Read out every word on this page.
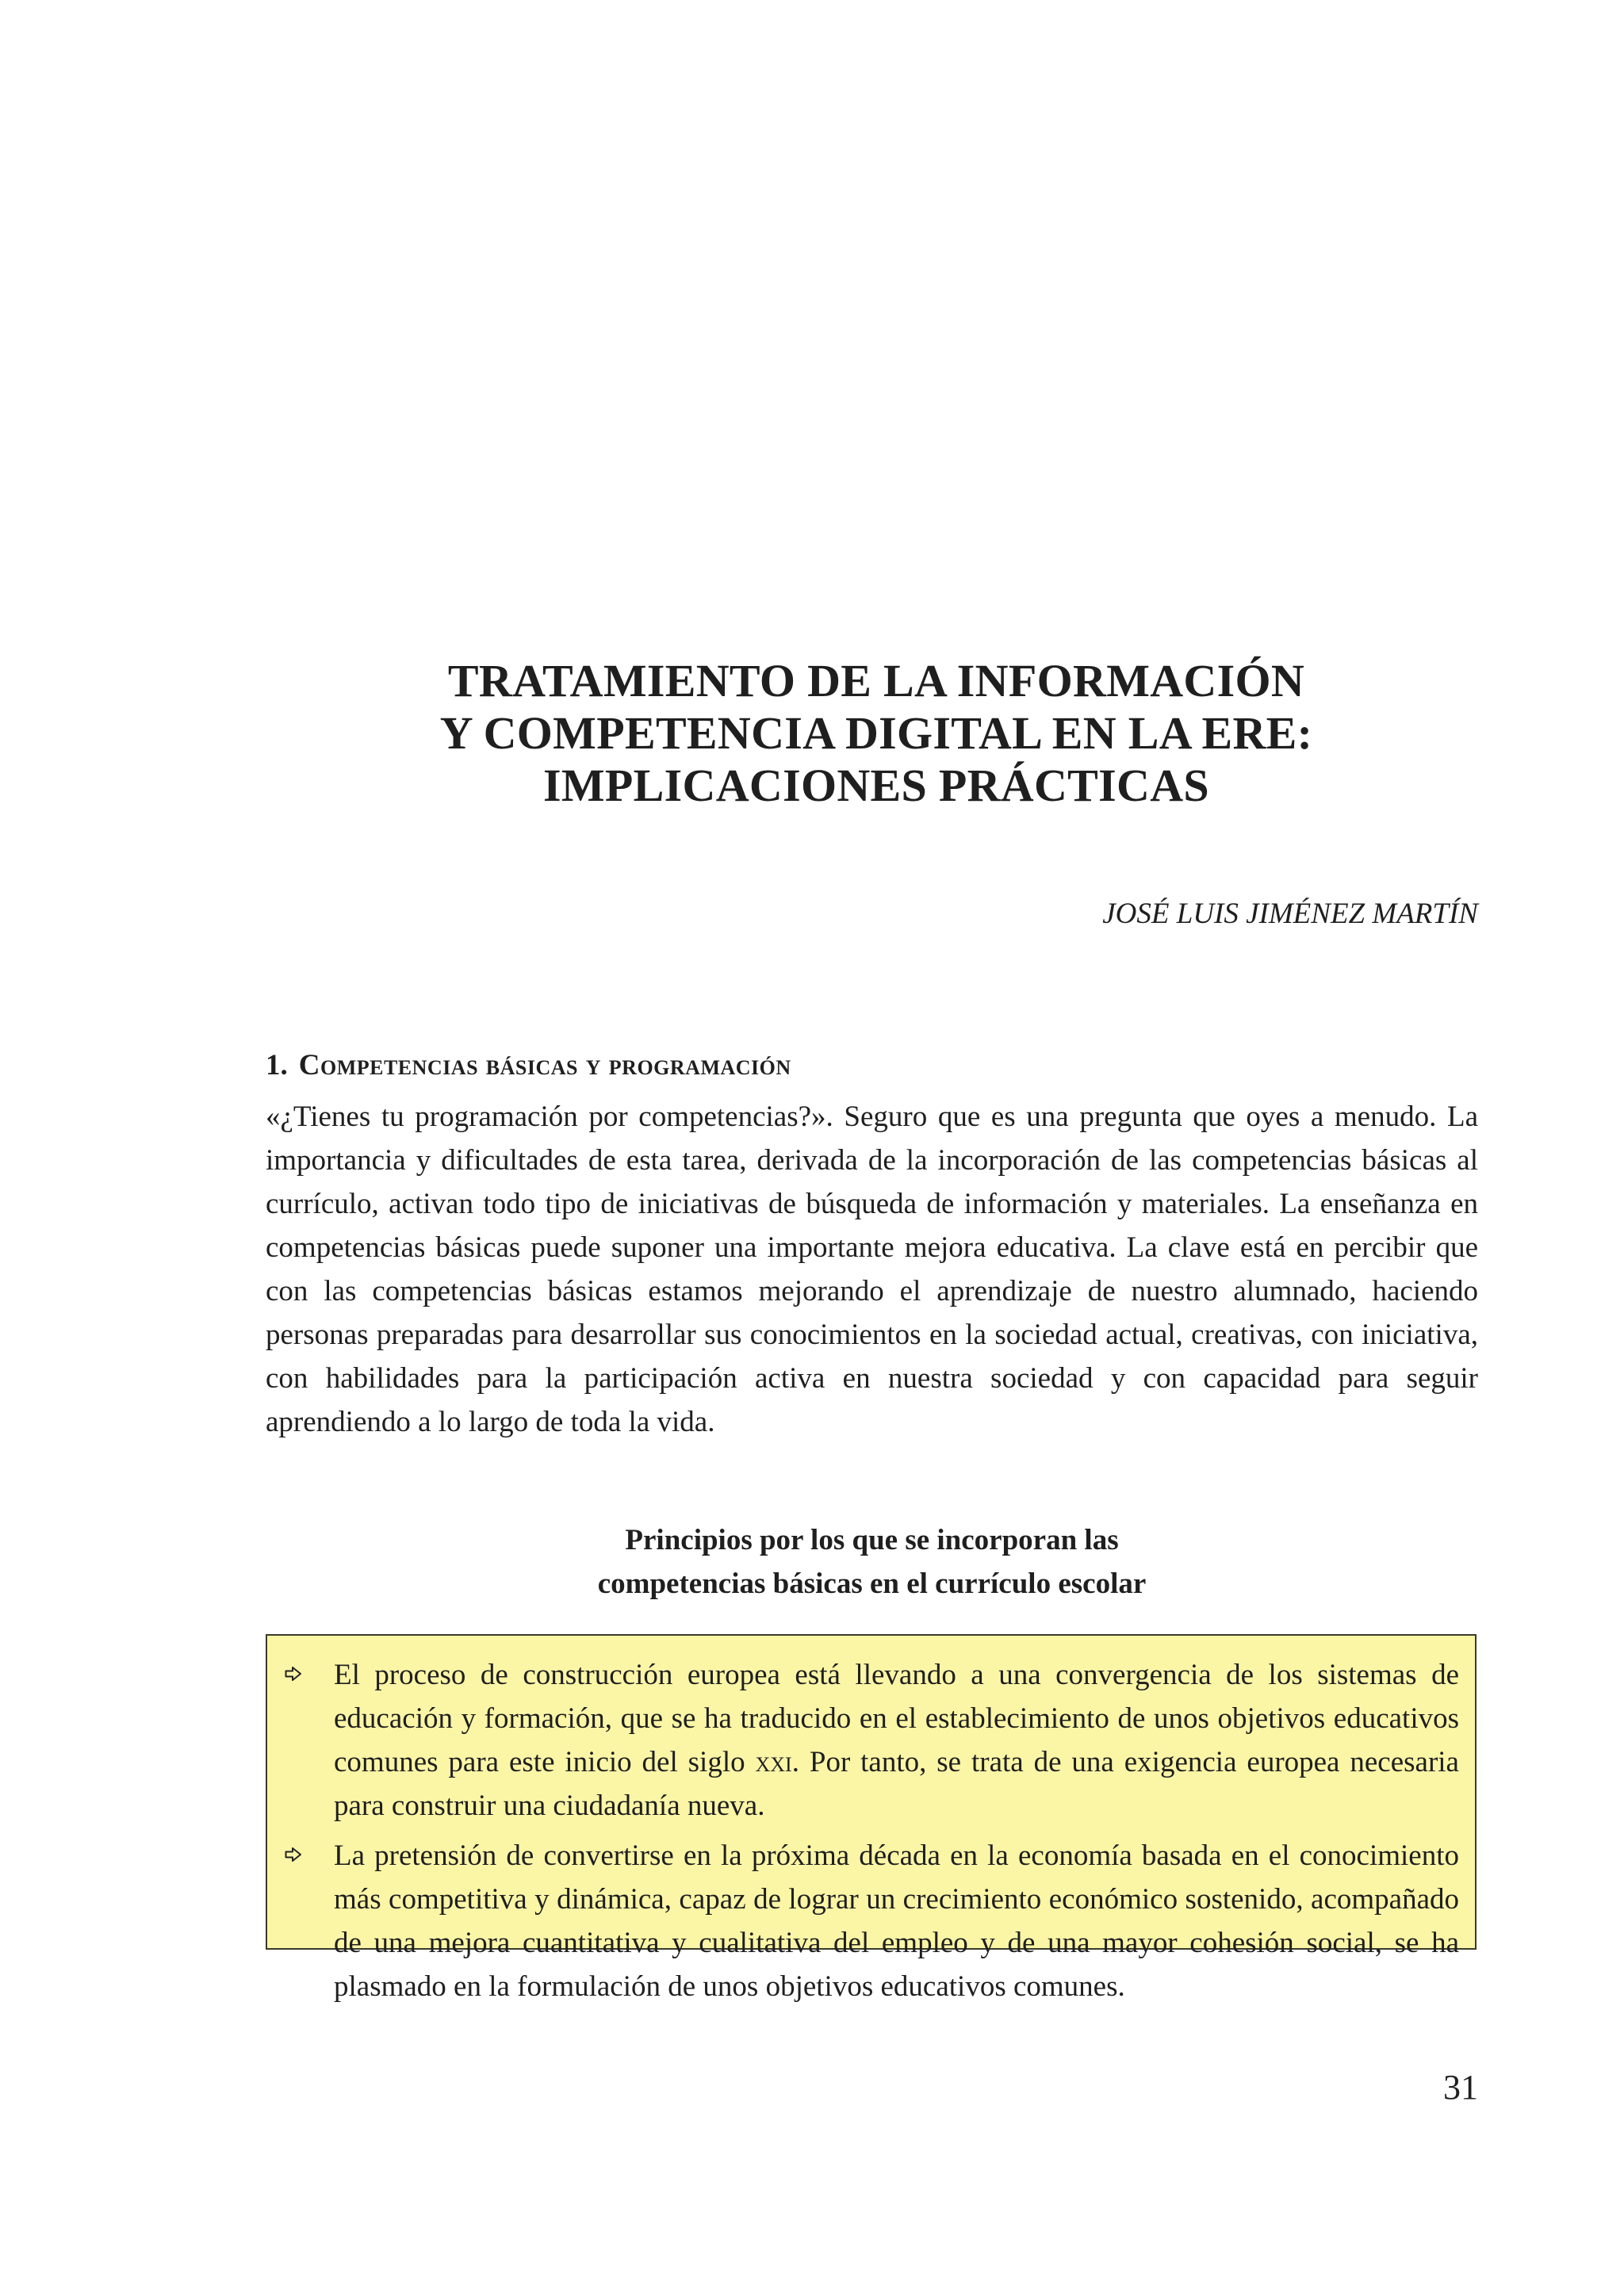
TRATAMIENTO DE LA INFORMACIÓN
Y COMPETENCIA DIGITAL EN LA ERE:
IMPLICACIONES PRÁCTICAS
JOSÉ LUIS JIMÉNEZ MARTÍN
1. Competencias básicas y programación

«¿Tienes tu programación por competencias?». Seguro que es una pregunta que oyes a menudo. La importancia y dificultades de esta tarea, derivada de la incorporación de las competencias básicas al currículo, activan todo tipo de iniciativas de búsqueda de información y materiales. La enseñanza en competencias básicas puede suponer una importante mejora educativa. La clave está en percibir que con las competencias básicas estamos mejorando el aprendizaje de nuestro alumnado, haciendo personas preparadas para desarrollar sus conocimientos en la sociedad actual, creativas, con iniciativa, con habilidades para la participación activa en nuestra sociedad y con capacidad para seguir aprendiendo a lo largo de toda la vida.

Principios por los que se incorporan las
competencias básicas en el currículo escolar
El proceso de construcción europea está llevando a una convergencia de los sistemas de educación y formación, que se ha traducido en el establecimiento de unos objetivos educativos comunes para este inicio del siglo xxi. Por tanto, se trata de una exigencia europea necesaria para construir una ciudadanía nueva.
La pretensión de convertirse en la próxima década en la economía basada en el conocimiento más competitiva y dinámica, capaz de lograr un crecimiento económico sostenido, acompañado de una mejora cuantitativa y cualitativa del empleo y de una mayor cohesión social, se ha plasmado en la formulación de unos objetivos educativos comunes.
31
